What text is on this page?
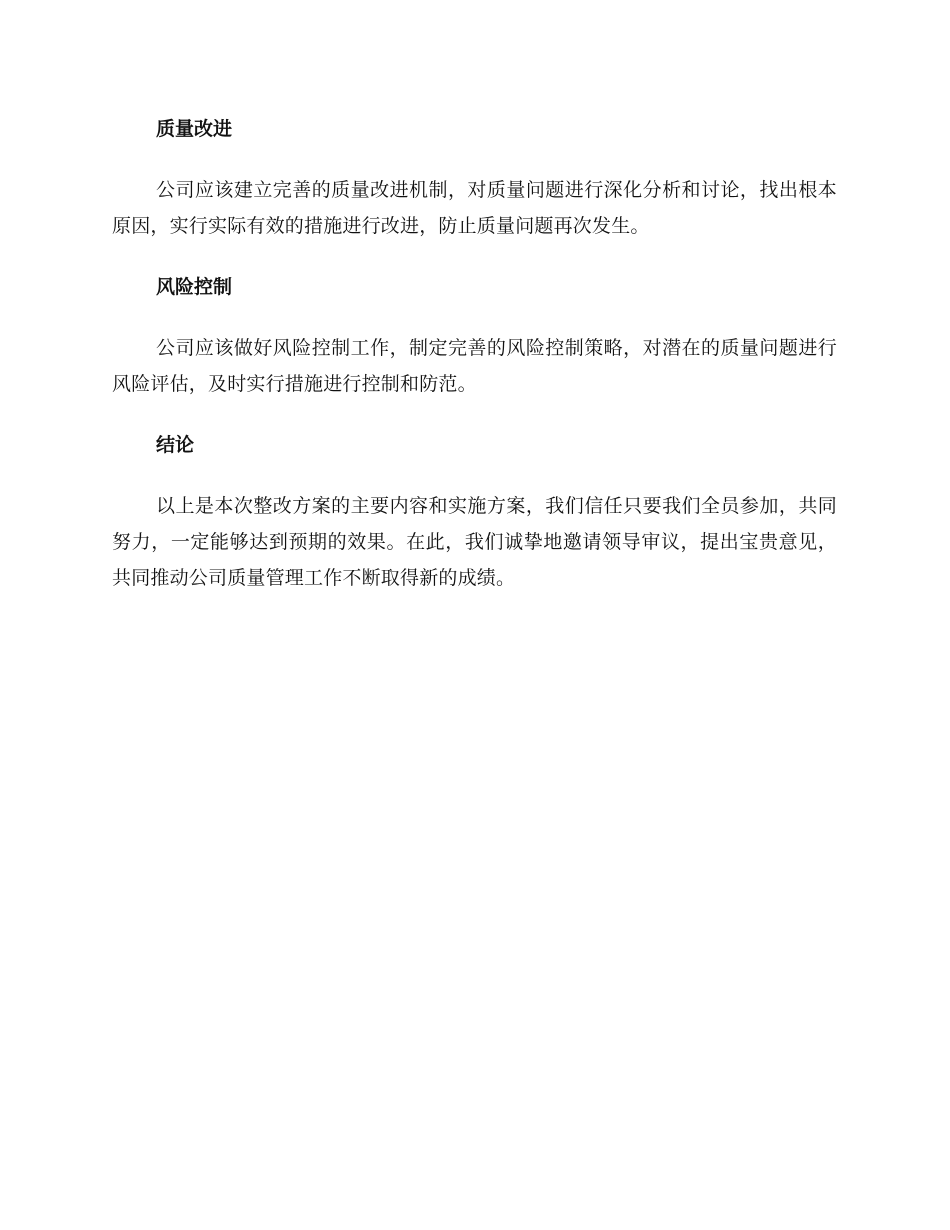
质量改进

公司应该建立完善的质量改进机制，对质量问题进行深化分析和讨论，找出根本原因，实行实际有效的措施进行改进，防止质量问题再次发生。

风险控制

公司应该做好风险控制工作，制定完善的风险控制策略，对潜在的质量问题进行风险评估，及时实行措施进行控制和防范。

结论

以上是本次整改方案的主要内容和实施方案，我们信任只要我们全员参加，共同努力，一定能够达到预期的效果。在此，我们诚挚地邀请领导审议，提出宝贵意见，共同推动公司质量管理工作不断取得新的成绩。
